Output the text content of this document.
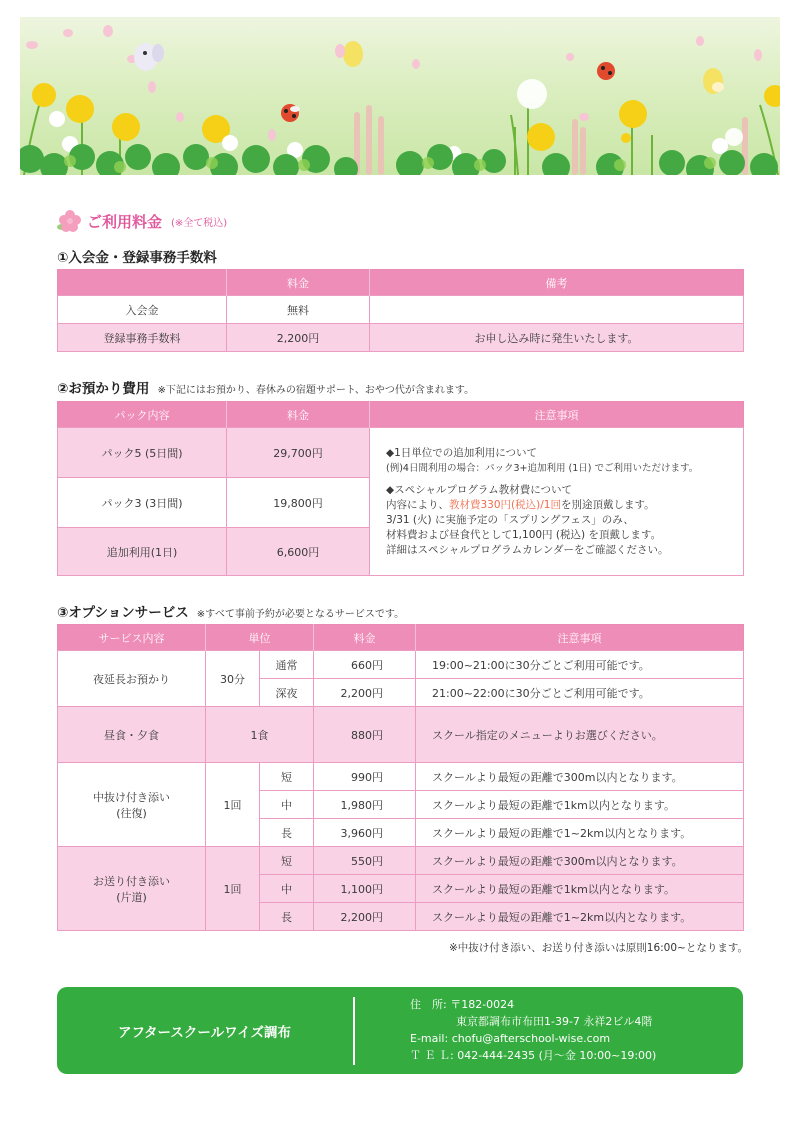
ご利用料金 (※全て税込)
①入会金・登録事務手数料
	料金	備考
入会金	無料	
登録事務手数料	2,200円	お申し込み時に発生いたします。
②お預かり費用 ※下記にはお預かり、春休みの宿題サポート、おやつ代が含まれます。
パック内容	料金	注意事項
パック5 (5日間)	29,700円	◆1日単位での追加利用について

(例)4日間利用の場合：パック3+追加利用 (1日) でご利用いただけます。

◆スペシャルプログラム教材費について

内容により、教材費330円(税込)/1回を別途頂戴します。

3/31 (火) に実施予定の「スプリングフェス」のみ、

材料費および昼食代として1,100円 (税込) を頂戴します。

詳細はスペシャルプログラムカレンダーをご確認ください。

パック3 (3日間)	19,800円	
追加利用(1日)	6,600円	
③オプションサービス ※すべて事前予約が必要となるサービスです。
サービス内容	単位		料金	注意事項
夜延長お預かり	30分	通常	660円	19:00~21:00に30分ごとご利用可能です。
		深夜	2,200円	21:00~22:00に30分ごとご利用可能です。
昼食・夕食	1食		880円	スクール指定のメニューよりお選びください。

中抜け付き添い
(往復)	1回	短	990円	スクールより最短の距離で300m以内となります。
		中	1,980円	スクールより最短の距離で1km以内となります。
		長	3,960円	スクールより最短の距離で1~2km以内となります。

お送り付き添い
(片道)	1回	短	550円	スクールより最短の距離で300m以内となります。
		中	1,100円	スクールより最短の距離で1km以内となります。
		長	2,200円	スクールより最短の距離で1~2km以内となります。
※中抜け付き添い、お送り付き添いは原則16:00~となります。
アフタースクールワイズ調布
住　所: 〒182-0024
東京都調布市布田1-39-7 永祥2ビル4階
E-mail: chofu@afterschool-wise.com
Ｔ Ｅ Ｌ: 042-444-2435 (月～金 10:00~19:00)
